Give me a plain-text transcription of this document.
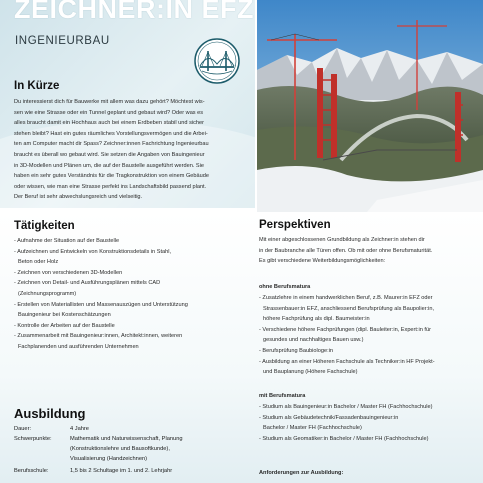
ZEICHNER:IN EFZ
INGENIEURBAU
In Kürze
Du interessierst dich für Bauwerke mit allem was dazu gehört? Möchtest wis-
sen wie eine Strasse oder ein Tunnel geplant und gebaut wird? Oder was es
alles braucht damit ein Hochhaus auch bei einem Erdbeben stabil und sicher
stehen bleibt? Hast ein gutes räumliches Vorstellungsvermögen und die Arbei-
ten am Computer macht dir Spass? Zeichner:innen Fachrichtung Ingenieurbau
braucht es überall wo gebaut wird. Sie setzen die Angaben von Bauingenieur
in 3D-Modellen und Plänen um, die auf der Baustelle ausgeführt werden. Sie
haben ein sehr gutes Verständnis für die Tragkonstruktion von einem Gebäude
oder wissen, wie man eine Strasse perfekt ins Landschaftsbild passend plant.
Der Beruf ist sehr abwechslungsreich und vielseitig.
Tätigkeiten
- Aufnahme der Situation auf der Baustelle
- Aufzeichnen und Entwickeln von Konstruktionsdetails in Stahl,
Beton oder Holz
- Zeichnen von verschiedenen 3D-Modellen
- Zeichnen von Detail- und Ausführungsplänen mittels CAD
(Zeichnungsprogramm)
- Erstellen von Materiallisten und Massenauszügen und Unterstützung
Bauingenieur bei Kostenschätzungen
- Kontrolle der Arbeiten auf der Baustelle
- Zusammenarbeit mit Bauingenieur:innen, Architekt:innen, weiteren
Fachplanenden und ausführenden Unternehmen
Ausbildung
Dauer:	4 Jahre
Schwerpunkte:	Mathematik und Naturwissenschaft, Planung
(Konstruktionslehre und Bausoftkunde),
Visualisierung (Handzeichnen)
Berufsschule:	1,5 bis 2 Schultage im 1. und 2. Lehrjahr
Perspektiven
Mit einer abgeschlossenen Grundbildung als Zeichner:in stehen dir
in der Baubranche alle Türen offen. Ob mit oder ohne Berufsmaturität.
Es gibt verschiedene Weiterbildungsmöglichkeiten:
ohne Berufsmatura
- Zusatzlehre in einem handwerklichen Beruf, z.B. Maurer:in EFZ oder
Strassenbauer:in EFZ, anschliessend Berufsprüfung als Baupolier:in,
höhere Fachprüfung als dipl. Baumeister:in
- Verschiedene höhere Fachprüfungen (dipl. Bauleiter:in, Expert:in für
gesundes und nachhaltiges Bauen usw.)
- Berufsprüfung Baubiologe:in
- Ausbildung an einer Höheren Fachschule als Techniker:in HF Projekt-
und Bauplanung (Höhere Fachschule)
mit Berufsmatura
- Studium als Bauingenieur:in Bachelor / Master FH (Fachhochschule)
- Studium als Gebäudetechnik/Fassadenbauingenieur:in
Bachelor / Master FH (Fachhochschule)
- Studium als Geomatiker:in Bachelor / Master FH (Fachhochschule)
Anforderungen zur Ausbildung:
